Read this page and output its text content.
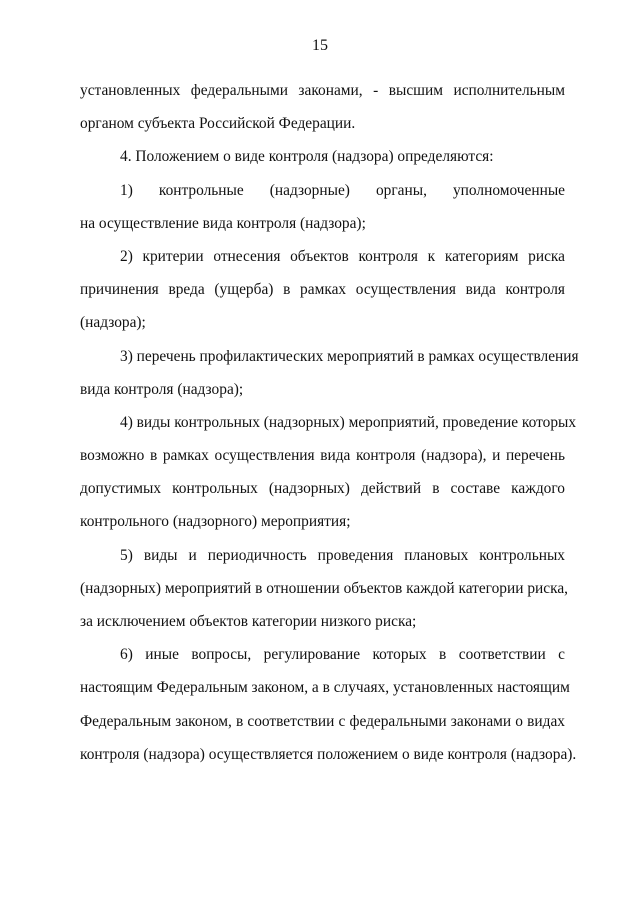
15
установленных федеральными законами, - высшим исполнительным
органом субъекта Российской Федерации.
4. Положением о виде контроля (надзора) определяются:
1) контрольные (надзорные) органы, уполномоченные
на осуществление вида контроля (надзора);
2) критерии отнесения объектов контроля к категориям риска
причинения вреда (ущерба) в рамках осуществления вида контроля
(надзора);
3) перечень профилактических мероприятий в рамках осуществления
вида контроля (надзора);
4) виды контрольных (надзорных) мероприятий, проведение которых
возможно в рамках осуществления вида контроля (надзора), и перечень
допустимых контрольных (надзорных) действий в составе каждого
контрольного (надзорного) мероприятия;
5) виды и периодичность проведения плановых контрольных
(надзорных) мероприятий в отношении объектов каждой категории риска,
за исключением объектов категории низкого риска;
6) иные вопросы, регулирование которых в соответствии с
настоящим Федеральным законом, а в случаях, установленных настоящим
Федеральным законом, в соответствии с федеральными законами о видах
контроля (надзора) осуществляется положением о виде контроля (надзора).
